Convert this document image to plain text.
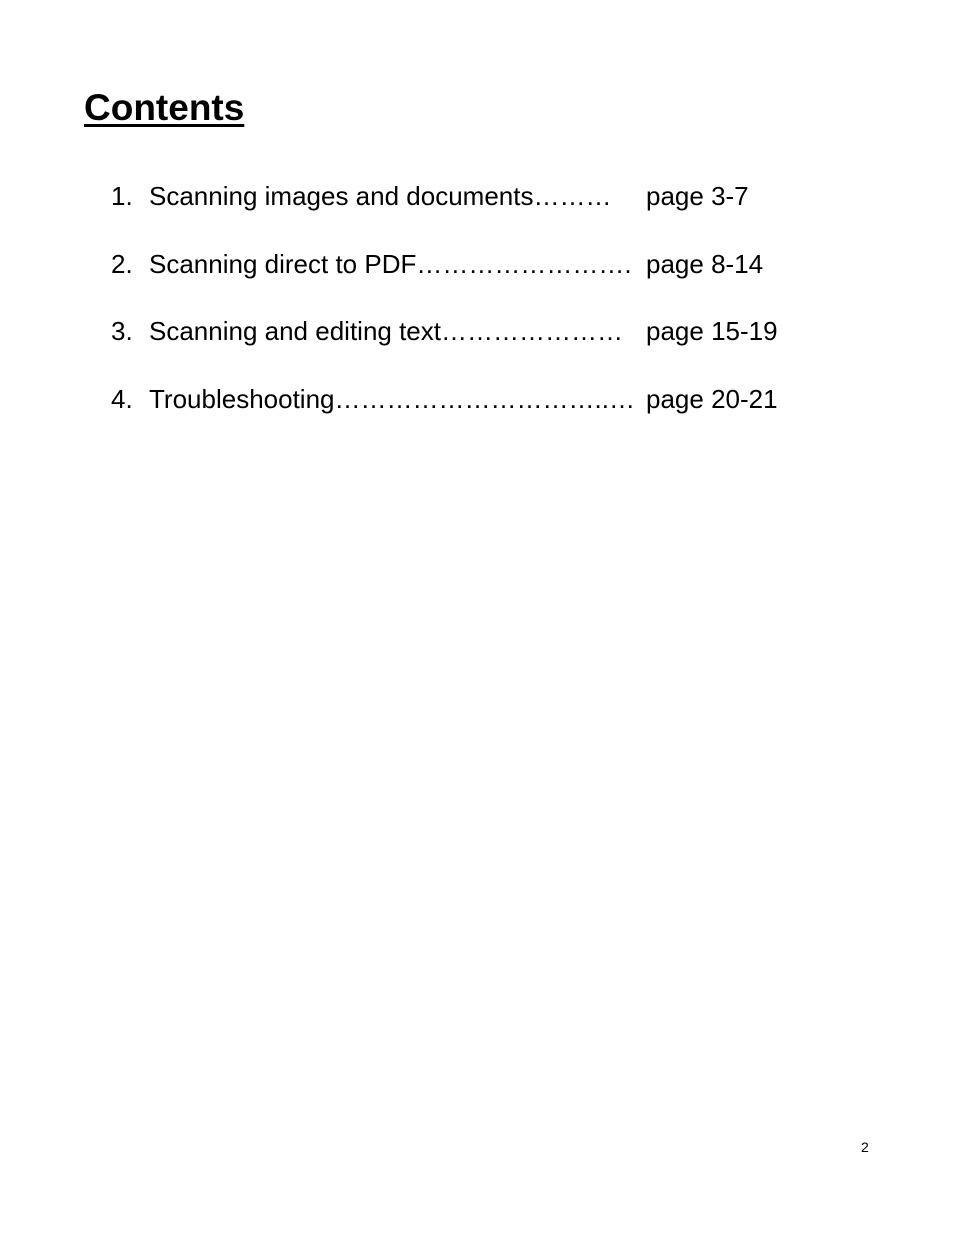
Contents
1. Scanning images and documents………	page 3-7
2. Scanning direct to PDF……………………. page 8-14
3. Scanning and editing text………………… page 15-19
4. Troubleshooting…………………………..… page 20-21
2
